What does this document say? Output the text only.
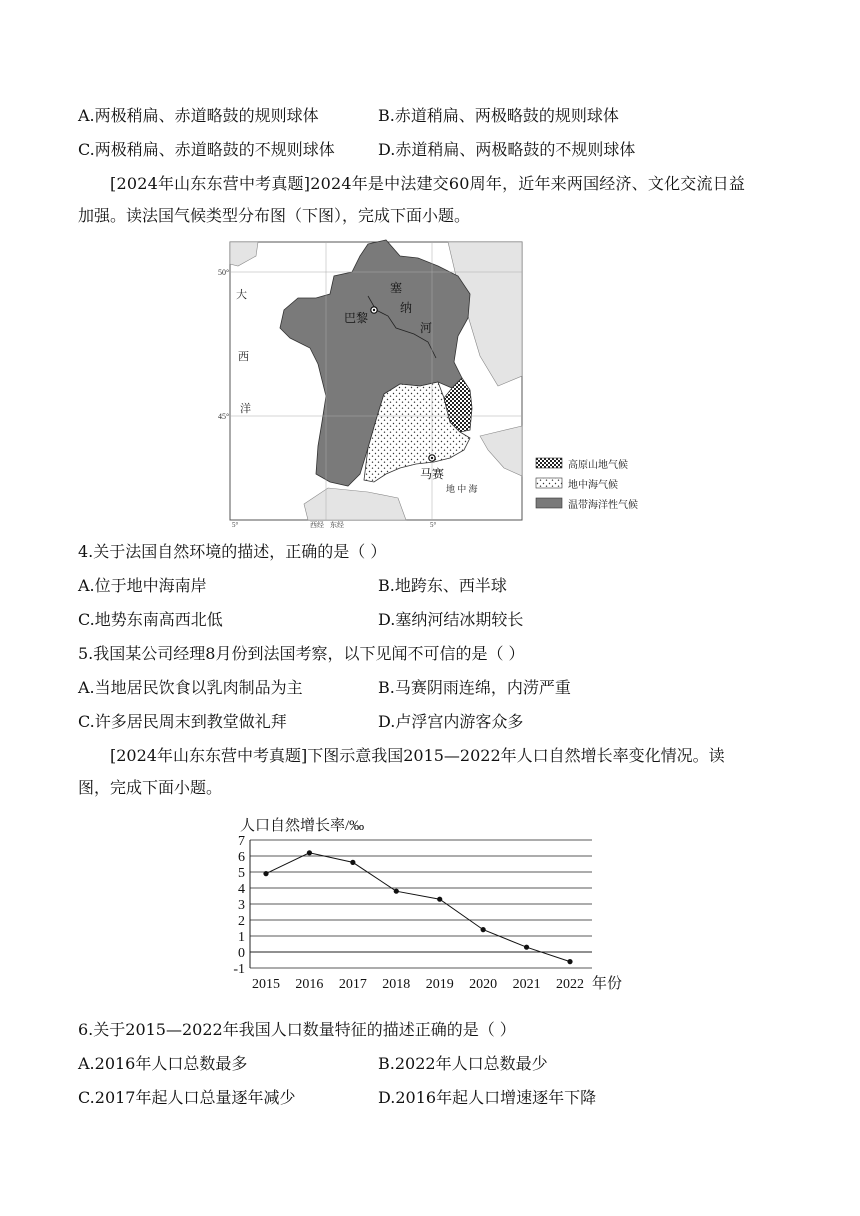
A.两极稍扁、赤道略鼓的规则球体	B.赤道稍扁、两极略鼓的规则球体
C.两极稍扁、赤道略鼓的不规则球体	D.赤道稍扁、两极略鼓的不规则球体
[2024年山东东营中考真题]2024年是中法建交60周年，近年来两国经济、文化交流日益
加强。读法国气候类型分布图（下图），完成下面小题。
50°
45°
大
西
洋
塞
纳
河
巴黎
马赛
地 中 海
5°	西经 东经	5°
高原山地气候
地中海气候
温带海洋性气候
4.关于法国自然环境的描述，正确的是（ ）
A.位于地中海南岸	B.地跨东、西半球
C.地势东南高西北低	D.塞纳河结冰期较长
5.我国某公司经理8月份到法国考察，以下见闻不可信的是（ ）
A.当地居民饮食以乳肉制品为主	B.马赛阴雨连绵，内涝严重
C.许多居民周末到教堂做礼拜	D.卢浮宫内游客众多
[2024年山东东营中考真题]下图示意我国2015—2022年人口自然增长率变化情况。读
图，完成下面小题。
人口自然增长率/‰
7
6
5
4
3
2
1
0
-1
2015 2016 2017 2018 2019 2020 2021 2022 年份
6.关于2015—2022年我国人口数量特征的描述正确的是（ ）
A.2016年人口总数最多	B.2022年人口总数最少
C.2017年起人口总量逐年减少	D.2016年起人口增速逐年下降
